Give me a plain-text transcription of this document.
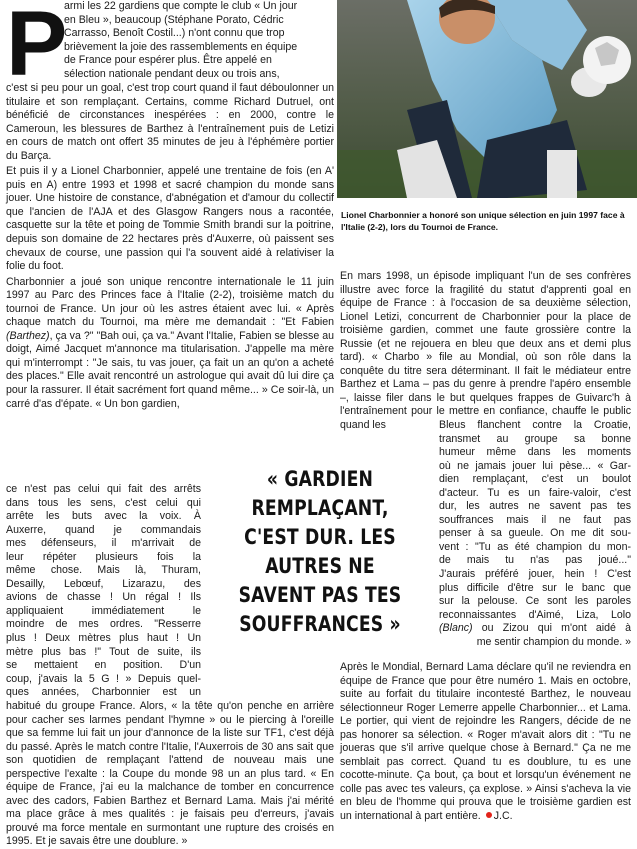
P
armi les 22 gardiens que compte le club « Un jour
en Bleu », beaucoup (Stéphane Porato, Cédric
Carrasso, Benoît Costil...) n'ont connu que trop
brièvement la joie des rassemblements en équipe
de France pour espérer plus. Être appelé en
sélection nationale pendant deux ou trois ans,
c'est si peu pour un goal, c'est trop court quand il faut déboulonner un titulaire et son remplaçant. Certains, comme Richard Dutruel, ont bénéficié de circonstances inespérées : en 2000, contre le Cameroun, les blessures de Barthez à l'entraînement puis de Letizi en cours de match ont offert 35 minutes de jeu à l'éphémère portier du Barça.
Et puis il y a Lionel Charbonnier, appelé une trentaine de fois (en A' puis en A) entre 1993 et 1998 et sacré champion du monde sans jouer. Une histoire de constance, d'abnégation et d'amour du collectif que l'ancien de l'AJA et des Glasgow Rangers nous a racontée, casquette sur la tête et poing de Tommie Smith brandi sur la poitrine, depuis son domaine de 22 hectares près d'Auxerre, où paissent ses chevaux de course, une passion qui l'a souvent aidé à relativiser la folie du foot.
Charbonnier a joué son unique rencontre internationale le 11 juin 1997 au Parc des Princes face à l'Italie (2-2), troisième match du tournoi de France. Un jour où les astres étaient avec lui. « Après chaque match du Tournoi, ma mère me demandait : "Et Fabien (Barthez), ça va ?" "Bah oui, ça va." Avant l'Italie, Fabien se blesse au doigt, Aimé Jacquet m'annonce ma titularisation. J'appelle ma mère qui m'interrompt : "Je sais, tu vas jouer, ça fait un an qu'on a acheté des places." Elle avait rencontré un astrologue qui avait dû lui dire ça pour la rassurer. Il était sacrément fort quand même... » Ce soir-là, un carré d'as d'épate. « Un bon gardien,
ce n'est pas celui qui fait des arrêts
dans tous les sens, c'est celui qui
arrête les buts avec la voix. À
Auxerre, quand je commandais
mes défenseurs, il m'arrivait de
leur répéter plusieurs fois la
même chose. Mais là, Thuram,
Desailly, Lebœuf, Lizarazu, des
avions de chasse ! Un régal ! Ils
appliquaient immédiatement le
moindre de mes ordres. "Resserre
plus ! Deux mètres plus haut ! Un
mètre plus bas !" Tout de suite, ils
se mettaient en position. D'un
coup, j'avais la 5 G ! » Depuis quel-
ques années, Charbonnier est un
habitué du groupe France. Alors, « la tête qu'on penche en arrière pour cacher ses larmes pendant l'hymne » ou le piercing à l'oreille que sa femme lui fait un jour d'annonce de la liste sur TF1, c'est déjà du passé. Après le match contre l'Italie, l'Auxerrois de 30 ans sait que son quotidien de remplaçant l'attend de nouveau mais une perspective l'exalte : la Coupe du monde 98 un an plus tard. « En équipe de France, j'ai eu la malchance de tomber en concurrence avec des cadors, Fabien Barthez et Bernard Lama. Mais j'ai mérité ma place grâce à mes qualités : je faisais peu d'erreurs, j'avais prouvé ma force mentale en surmontant une rupture des croisés en 1995. Et je savais être une doublure. »
Lionel Charbonnier a honoré son unique sélection en juin 1997 face à l'Italie (2-2), lors du Tournoi de France.
En mars 1998, un épisode impliquant l'un de ses confrères illustre avec force la fragilité du statut d'apprenti goal en équipe de France : à l'occasion de sa deuxième sélection, Lionel Letizi, concurrent de Charbonnier pour la place de troisième gardien, commet une faute grossière contre la Russie (et ne rejouera en bleu que deux ans et demi plus tard). « Charbo » file au Mondial, où son rôle dans la conquête du titre sera déterminant. Il fait le médiateur entre Barthez et Lama – pas du genre à prendre l'apéro ensemble –, laisse filer dans le but quelques frappes de Guivarc'h à l'entraînement pour le mettre en confiance, chauffe le public quand les	Bleus flanchent contre la Croatie,
transmet au groupe sa bonne
humeur même dans les moments
où ne jamais jouer lui pèse... « Gar-
dien remplaçant, c'est un boulot
d'acteur. Tu es un faire-valoir, c'est
dur, les autres ne savent pas tes
souffrances mais il ne faut pas
penser à sa gueule. On me dit sou-
vent : "Tu as été champion du mon-
de mais tu n'as pas joué..."
J'aurais préféré jouer, hein ! C'est
plus difficile d'être sur le banc que
sur la pelouse. Ce sont les paroles
reconnaissantes d'Aimé, Liza, Lolo
(Blanc) ou Zizou qui m'ont aidé à
me sentir champion du monde. »
Après le Mondial, Bernard Lama déclare qu'il ne reviendra en équipe de France que pour être numéro 1. Mais en octobre, suite au forfait du titulaire incontesté Barthez, le nouveau sélectionneur Roger Lemerre appelle Charbonnier... et Lama. Le portier, qui vient de rejoindre les Rangers, décide de ne pas honorer sa sélection. « Roger m'avait alors dit : "Tu ne joueras que s'il arrive quelque chose à Bernard." Ça ne me semblait pas correct. Quand tu es doublure, tu es une cocotte-minute. Ça bout, ça bout et lorsqu'un événement ne colle pas avec tes valeurs, ça explose. » Ainsi s'acheva la vie en bleu de l'homme qui prouva que le troisième gardien est un international à part entière. J.C.
« GARDIEN REMPLAÇANT, C'EST DUR. LES AUTRES NE SAVENT PAS TES SOUFFRANCES »
